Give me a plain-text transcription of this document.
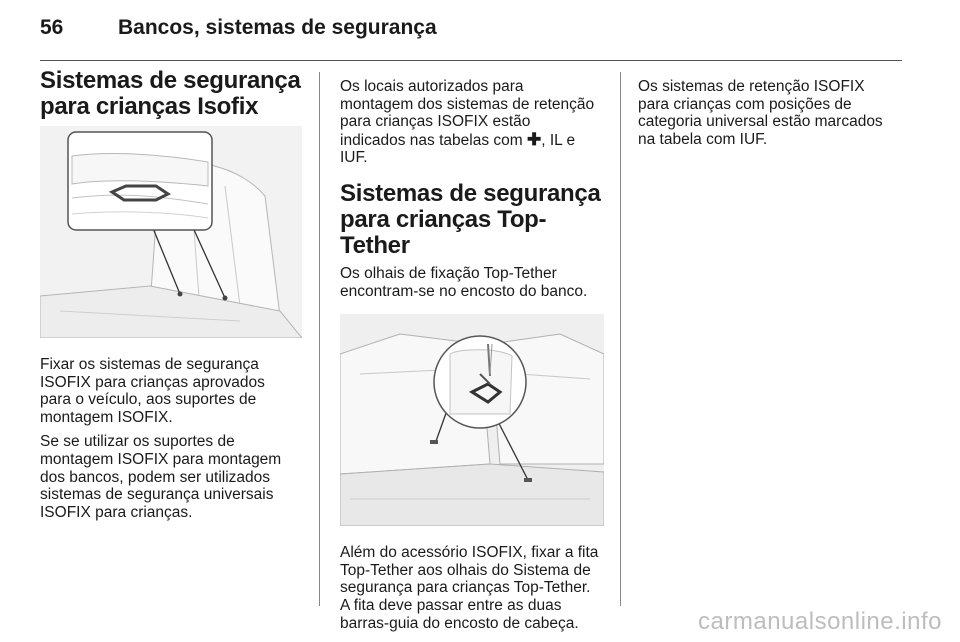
56	Bancos, sistemas de segurança
Sistemas de segurança
para crianças Isofix

Fixar os sistemas de segurança
ISOFIX para crianças aprovados
para o veículo, aos suportes de
montagem ISOFIX.

Se se utilizar os suportes de
montagem ISOFIX para montagem
dos bancos, podem ser utilizados
sistemas de segurança universais
ISOFIX para crianças.

Os locais autorizados para
montagem dos sistemas de retenção
para crianças ISOFIX estão
indicados nas tabelas com ✚, IL e
IUF.

Sistemas de segurança
para crianças Top-Tether

Os olhais de fixação Top-Tether
encontram-se no encosto do banco.

Além do acessório ISOFIX, fixar a fita
Top-Tether aos olhais do Sistema de
segurança para crianças Top-Tether.
A fita deve passar entre as duas
barras-guia do encosto de cabeça.

Os sistemas de retenção ISOFIX
para crianças com posições de
categoria universal estão marcados
na tabela com IUF.

carmanualsonline.info
